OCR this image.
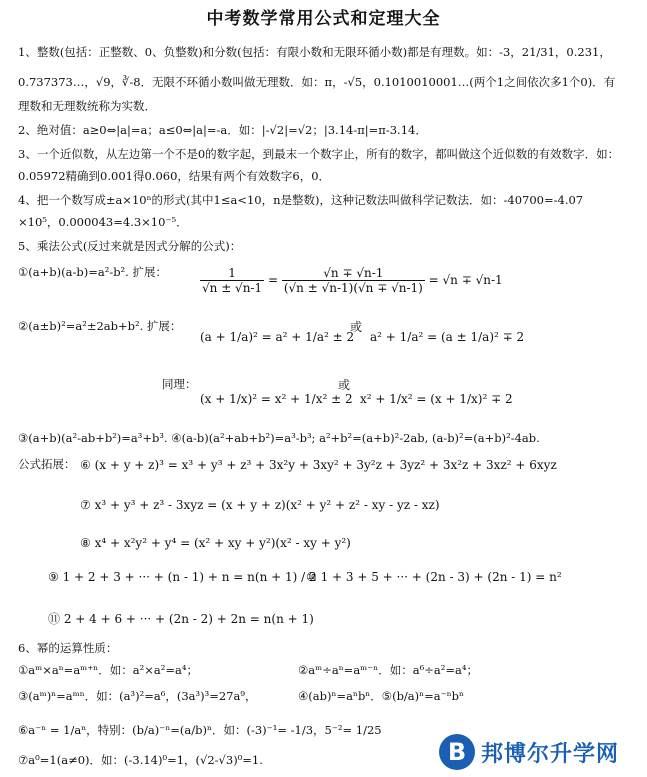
中考数学常用公式和定理大全
1、整数(包括：正整数、0、负整数)和分数(包括：有限小数和无限环循小数)都是有理数。如：-3，21/31，0.231，
0.737373…，√9，∛-8．无限不环循小数叫做无理数．如：π，-√5，0.1010010001…(两个1之间依次多1个0)．有
理数和无理数统称为实数．
2、绝对值：a≥0⇔|a|=a；a≤0⇔|a|=-a．如：|-√2|=√2；|3.14-π|=π-3.14．
3、一个近似数，从左边第一个不是0的数字起，到最末一个数字止，所有的数字，都叫做这个近似数的有效数字．如：
0.05972精确到0.001得0.060，结果有两个有效数字6，0．
4、把一个数写成±a×10ⁿ的形式(其中1≤a<10，n是整数)，这种记数法叫做科学记数法．如：-40700=-4.07
×10⁵，0.000043=4.3×10⁻⁵．
5、乘法公式(反过来就是因式分解的公式)：
①(a+b)(a-b)=a²-b². 扩展：	$\frac{1}{√n \pm √n-1} = \frac{√n \mp √n-1}{(√n \pm √n-1)(√n \mp √n-1)} = √n \mp √n-1$
②(a±b)²=a²±2ab+b². 扩展：
(a + 1/a)² = a² + 1/a² ± 2
或
a² + 1/a² = (a ± 1/a)² ∓ 2
同理：
(x + 1/x)² = x² + 1/x² ± 2
或
x² + 1/x² = (x + 1/x)² ∓ 2
③(a+b)(a²-ab+b²)=a³+b³. ④(a-b)(a²+ab+b²)=a³-b³; a²+b²=(a+b)²-2ab, (a-b)²=(a+b)²-4ab.
公式拓展： ⑥ (x + y + z)³ = x³ + y³ + z³ + 3x²y + 3xy² + 3y²z + 3yz² + 3x²z + 3xz² + 6xyz
⑦ x³ + y³ + z³ - 3xyz = (x + y + z)(x² + y² + z² - xy - yz - xz)
⑧ x⁴ + x²y² + y⁴ = (x² + xy + y²)(x² - xy + y²)
⑨ 1 + 2 + 3 + ··· + (n - 1) + n = n(n + 1) / 2
⑩ 1 + 3 + 5 + ··· + (2n - 3) + (2n - 1) = n²
⑪ 2 + 4 + 6 + ··· + (2n - 2) + 2n = n(n + 1)
6、幂的运算性质：
①aᵐ×aⁿ=aᵐ⁺ⁿ．如：a²×a²=a⁴；	②aᵐ÷aⁿ=aᵐ⁻ⁿ．如：a⁶÷a²=a⁴；
③(aᵐ)ⁿ=aᵐⁿ．如：(a³)²=a⁶，(3a³)³=27a⁹，	④(ab)ⁿ=aⁿbⁿ．⑤(b/a)ⁿ=a⁻ⁿbⁿ
⑥a⁻ⁿ = 1/aⁿ，特别：(b/a)⁻ⁿ=(a/b)ⁿ．如：(-3)⁻¹= -1/3，5⁻²= 1/25
⑦a⁰=1(a≠0)．如：(-3.14)⁰=1，(√2-√3)⁰=1.	B 邦博尔升学网
